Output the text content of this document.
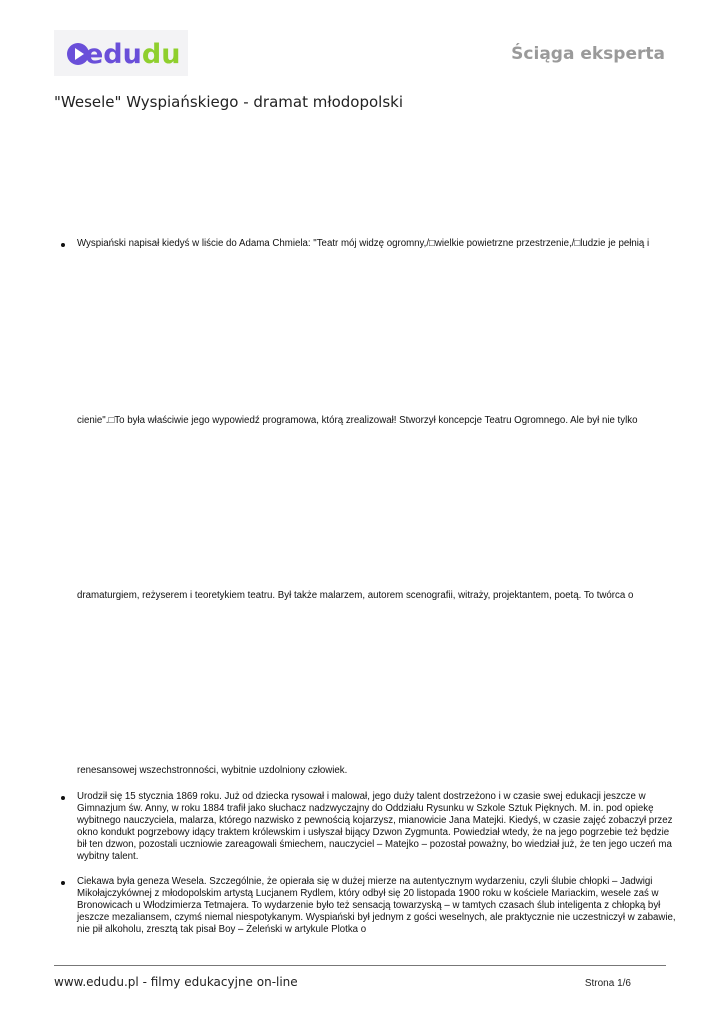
edudu	Ściąga eksperta
"Wesele" Wyspiańskiego - dramat młodopolski
Wyspiański napisał kiedyś w liście do Adama Chmiela: "Teatr mój widzę ogromny,/□wielkie powietrzne przestrzenie,/□ludzie je pełnią i
cienie".□To była właściwie jego wypowiedź programowa, którą zrealizował! Stworzył koncepcje Teatru Ogromnego. Ale był nie tylko
dramaturgiem, reżyserem i teoretykiem teatru. Był także malarzem, autorem scenografii, witraży, projektantem, poetą. To twórca o
renesansowej wszechstronności, wybitnie uzdolniony człowiek.

Urodził się 15 stycznia 1869 roku. Już od dziecka rysował i malował, jego duży talent dostrzeżono i w czasie swej edukacji jeszcze w Gimnazjum św. Anny, w roku 1884 trafił jako słuchacz nadzwyczajny do Oddziału Rysunku w Szkole Sztuk Pięknych. M. in. pod opiekę wybitnego nauczyciela, malarza, którego nazwisko z pewnością kojarzysz, mianowicie Jana Matejki. Kiedyś, w czasie zajęć zobaczył przez okno kondukt pogrzebowy idący traktem królewskim i usłyszał bijący Dzwon Zygmunta. Powiedział wtedy, że na jego pogrzebie też będzie bił ten dzwon, pozostali uczniowie zareagowali śmiechem, nauczyciel – Matejko – pozostał poważny, bo wiedział już, że ten jego uczeń ma wybitny talent.

Ciekawa była geneza Wesela. Szczególnie, że opierała się w dużej mierze na autentycznym wydarzeniu, czyli ślubie chłopki – Jadwigi Mikołajczykównej z młodopolskim artystą Lucjanem Rydlem, który odbył się 20 listopada 1900 roku w kościele Mariackim, wesele zaś w Bronowicach u Włodzimierza Tetmajera. To wydarzenie było też sensacją towarzyską – w tamtych czasach ślub inteligenta z chłopką był jeszcze mezaliansem, czymś niemal niespotykanym. Wyspiański był jednym z gości weselnych, ale praktycznie nie uczestniczył w zabawie, nie pił alkoholu, zresztą tak pisał Boy – Żeleński w artykule Plotka o

www.edudu.pl - filmy edukacyjne on-line	Strona 1/6
